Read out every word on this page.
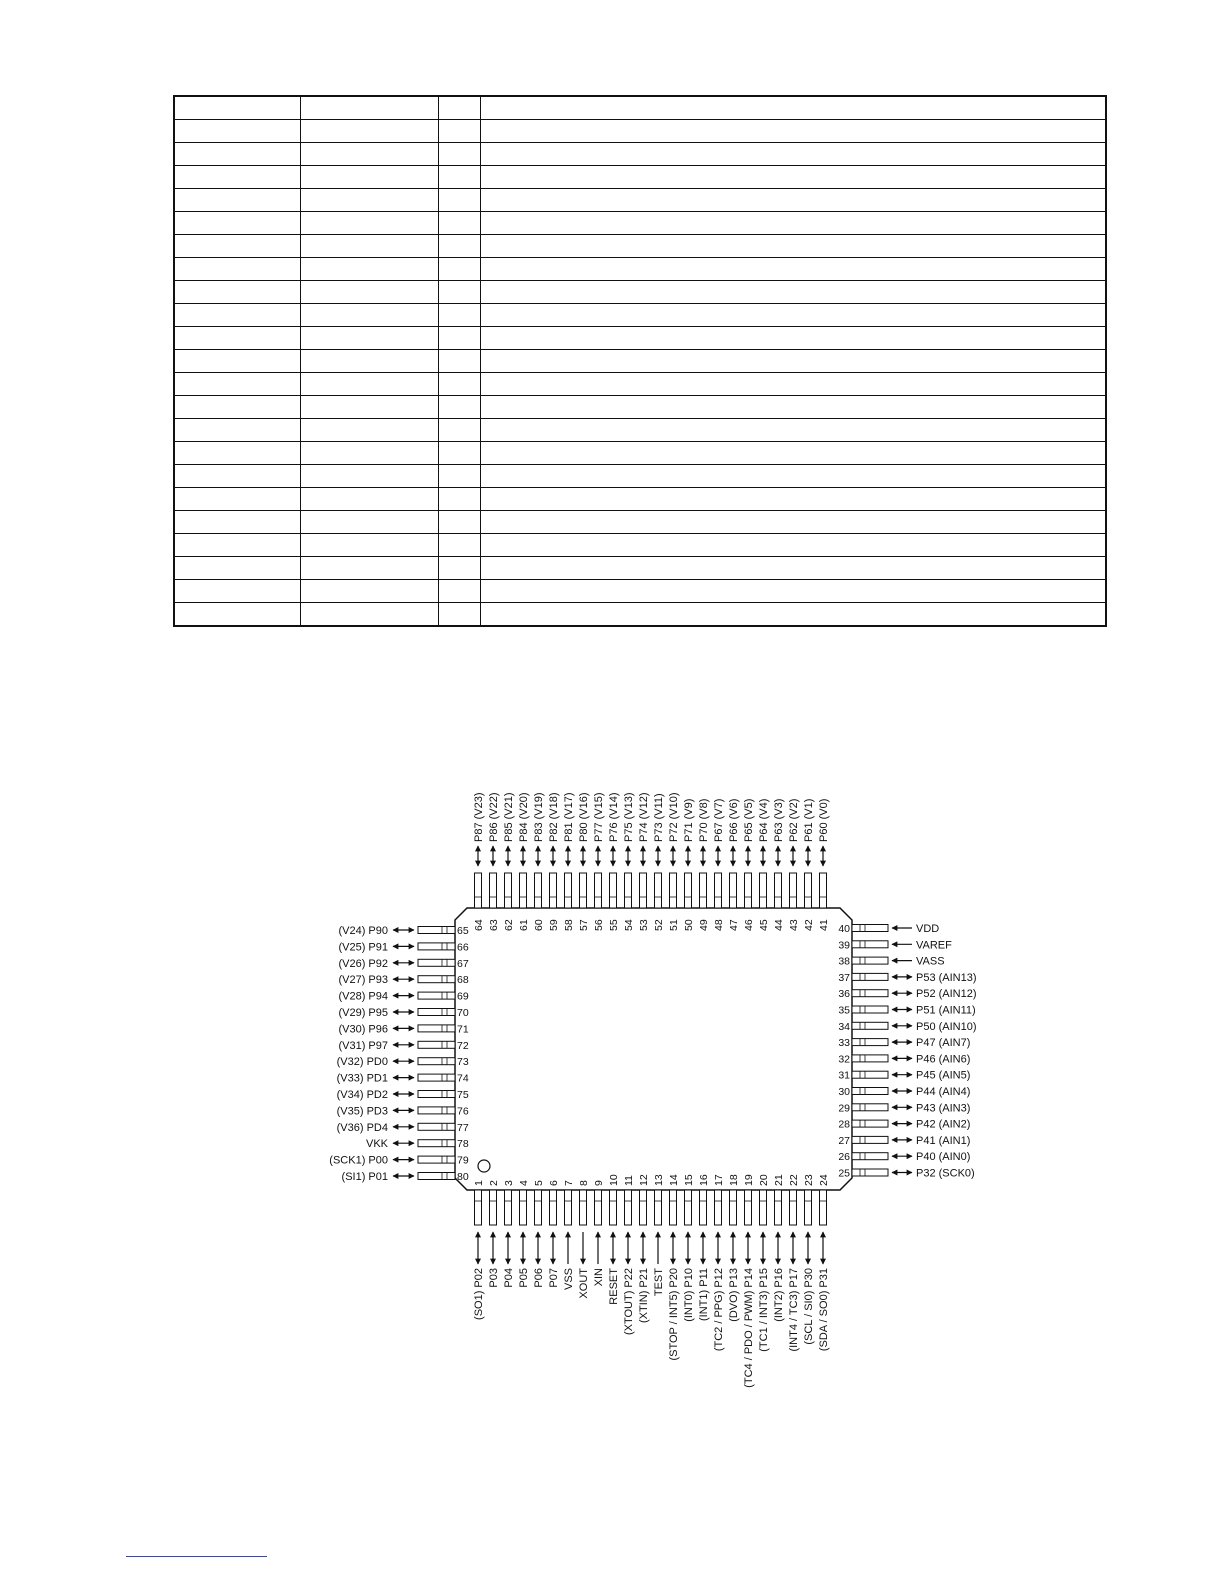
P87 (V23)
64
P86 (V22)
63
P85 (V21)
62
P84 (V20)
61
P83 (V19)
60
P82 (V18)
59
P81 (V17)
58
P80 (V16)
57
P77 (V15)
56
P76 (V14)
55
P75 (V13)
54
P74 (V12)
53
P73 (V11)
52
P72 (V10)
51
P71 (V9)
50
P70 (V8)
49
P67 (V7)
48
P66 (V6)
47
P65 (V5)
46
P64 (V4)
45
P63 (V3)
44
P62 (V2)
43
P61 (V1)
42
P60 (V0)
41
(SO1) P02
1
P03
2
P04
3
P05
4
P06
5
P07
6
VSS
7
XOUT
8
XIN
9
RESET
10
(XTOUT) P22
11
(XTIN) P21
12
TEST
13
(STOP / INT5) P20
14
(INT0) P10
15
(INT1) P11
16
(TC2 / PPG) P12
17
(DVO) P13
18
(TC4 / PDO / PWM) P14
19
(TC1 / INT3) P15
20
(INT2) P16
21
(INT4 / TC3) P17
22
(SCL / SI0) P30
23
(SDA / SO0) P31
24
(V24) P90	65
(V25) P91	66
(V26) P92	67
(V27) P93	68
(V28) P94	69
(V29) P95	70
(V30) P96	71
(V31) P97	72
(V32) PD0	73
(V33) PD1	74
(V34) PD2	75
(V35) PD3	76
(V36) PD4	77
VKK	78
(SCK1) P00	79
(SI1) P01	80
VDD
40
VAREF
39
VASS
38
P53 (AIN13)
37
P52 (AIN12)
36
P51 (AIN11)
35
P50 (AIN10)
34
P47 (AIN7)
33
P46 (AIN6)
32
P45 (AIN5)
31
P44 (AIN4)
30
P43 (AIN3)
29
P42 (AIN2)
28
P41 (AIN1)
27
P40 (AIN0)
26
P32 (SCK0)
25
